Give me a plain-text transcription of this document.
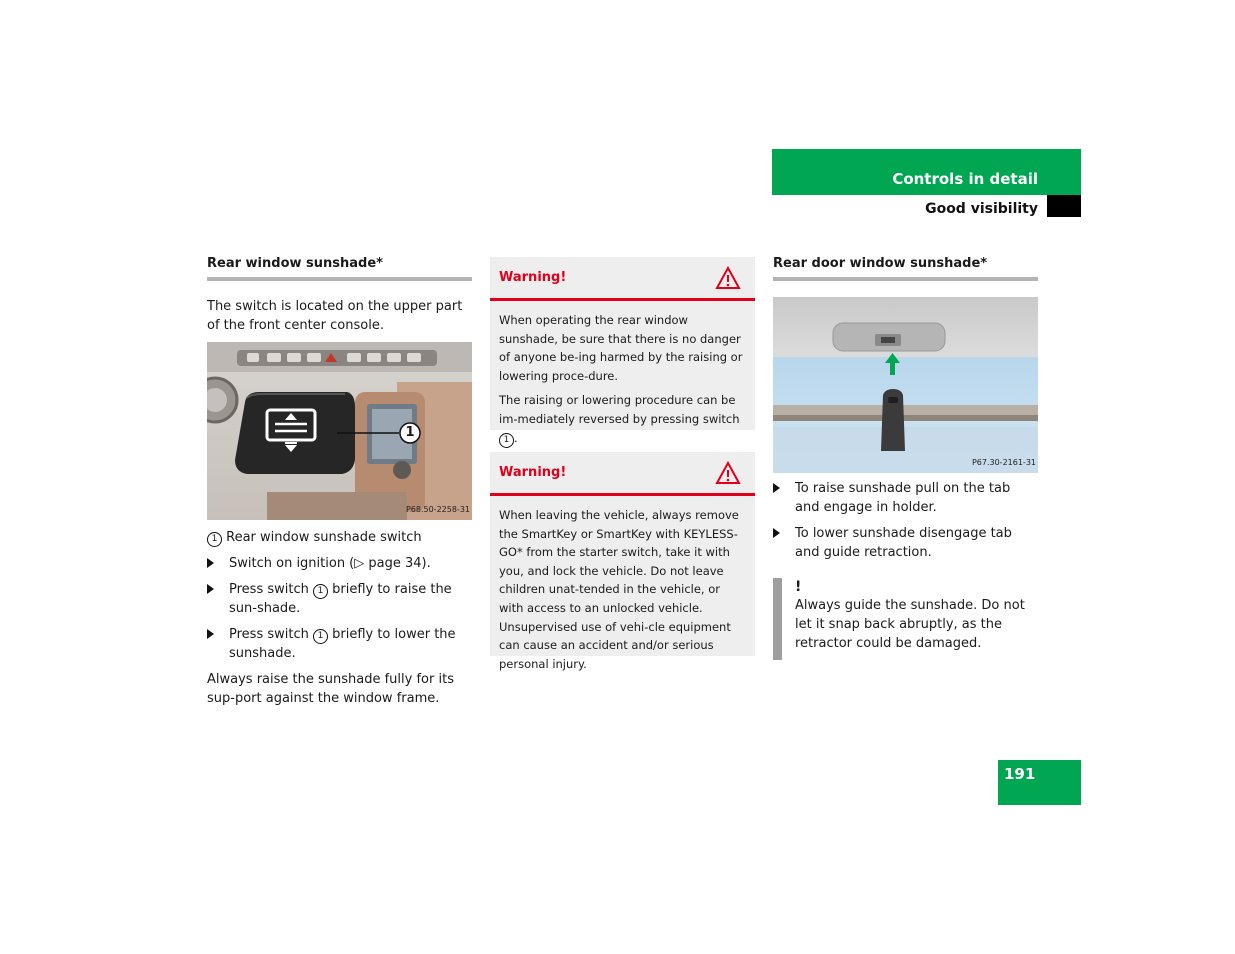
Controls in detail
Good visibility
Rear window sunshade*

The switch is located on the upper part of the front center console.

1
P68.50-2258-31

1 Rear window sunshade switch

Switch on ignition (▷ page 34).
Press switch 1 briefly to raise the sun-shade.
Press switch 1 briefly to lower the sunshade.

Always raise the sunshade fully for its sup-port against the window frame.

Warning!

When operating the rear window sunshade, be sure that there is no danger of anyone be-ing harmed by the raising or lowering proce-dure.

The raising or lowering procedure can be im-mediately reversed by pressing switch 1 .

Warning!

When leaving the vehicle, always remove the SmartKey or SmartKey with KEYLESS-GO* from the starter switch, take it with you, and lock the vehicle. Do not leave children unat-tended in the vehicle, or with access to an unlocked vehicle. Unsupervised use of vehi-cle equipment can cause an accident and/or serious personal injury.

Rear door window sunshade*
P67.30-2161-31
To raise sunshade pull on the tab and engage in holder.
To lower sunshade disengage tab and guide retraction.
!
Always guide the sunshade. Do not let it snap back abruptly, as the retractor could be damaged.
191
